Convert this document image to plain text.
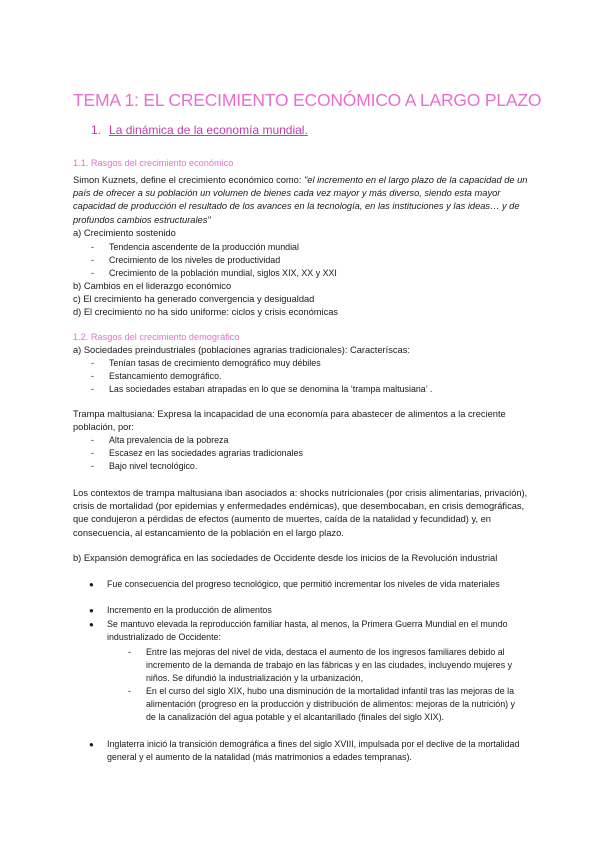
TEMA 1: EL CRECIMIENTO ECONÓMICO A LARGO PLAZO
1. La dinámica de la economía mundial.
1.1. Rasgos del crecimiento económico

Simon Kuznets, define el crecimiento económico como: "el incremento en el largo plazo de la capacidad de un país de ofrecer a su población un volumen de bienes cada vez mayor y más diverso, siendo esta mayor capacidad de producción el resultado de los avances en la tecnología, en las instituciones y las ideas… y de profundos cambios estructurales"

a) Crecimiento sostenido
- Tendencia ascendente de la producción mundial
- Crecimiento de los niveles de productividad
- Crecimiento de la población mundial, siglos XIX, XX y XXI
b) Cambios en el liderazgo económico
c) El crecimiento ha generado convergencia y desigualdad
d) El crecimiento no ha sido uniforme: ciclos y crisis económicas
1.2. Rasgos del crecimiento demográfico
a) Sociedades preindustriales (poblaciones agrarias tradicionales): Caracteríscas:
- Tenían tasas de crecimiento demográfico muy débiles
- Estancamiento demográfico.
- Las sociedades estaban atrapadas en lo que se denomina la ‘trampa maltusiana’ .

Trampa maltusiana: Expresa la incapacidad de una economía para abastecer de alimentos a la creciente población, por:

- Alta prevalencia de la pobreza
- Escasez en las sociedades agrarias tradicionales
- Bajo nivel tecnológico.

Los contextos de trampa maltusiana iban asociados a: shocks nutricionales (por crisis alimentarias, privación), crisis de mortalidad (por epidemias y enfermedades endémicas), que desembocaban, en crisis demográficas, que condujeron a pérdidas de efectos (aumento de muertes, caída de la natalidad y fecundidad) y, en consecuencia, al estancamiento de la población en el largo plazo.

b) Expansión demográfica en las sociedades de Occidente desde los inicios de la Revolución industrial

● Fue consecuencia del progreso tecnológico, que permitió incrementar los niveles de vida materiales
● Incremento en la producción de alimentos
● Se mantuvo elevada la reproducción familiar hasta, al menos, la Primera Guerra Mundial en el mundo industrializado de Occidente:
- Entre las mejoras del nivel de vida, destaca el aumento de los ingresos familiares debido al incremento de la demanda de trabajo en las fábricas y en las ciudades, incluyendo mujeres y niños. Se difundió la industrialización y la urbanización,
- En el curso del siglo XIX, hubo una disminución de la mortalidad infantil tras las mejoras de la alimentación (progreso en la producción y distribución de alimentos: mejoras de la nutrición) y de la canalización del agua potable y el alcantarillado (finales del siglo XIX).
● Inglaterra inició la transición demográfica a fines del siglo XVIII, impulsada por el declive de la mortalidad general y el aumento de la natalidad (más matrimonios a edades tempranas).
